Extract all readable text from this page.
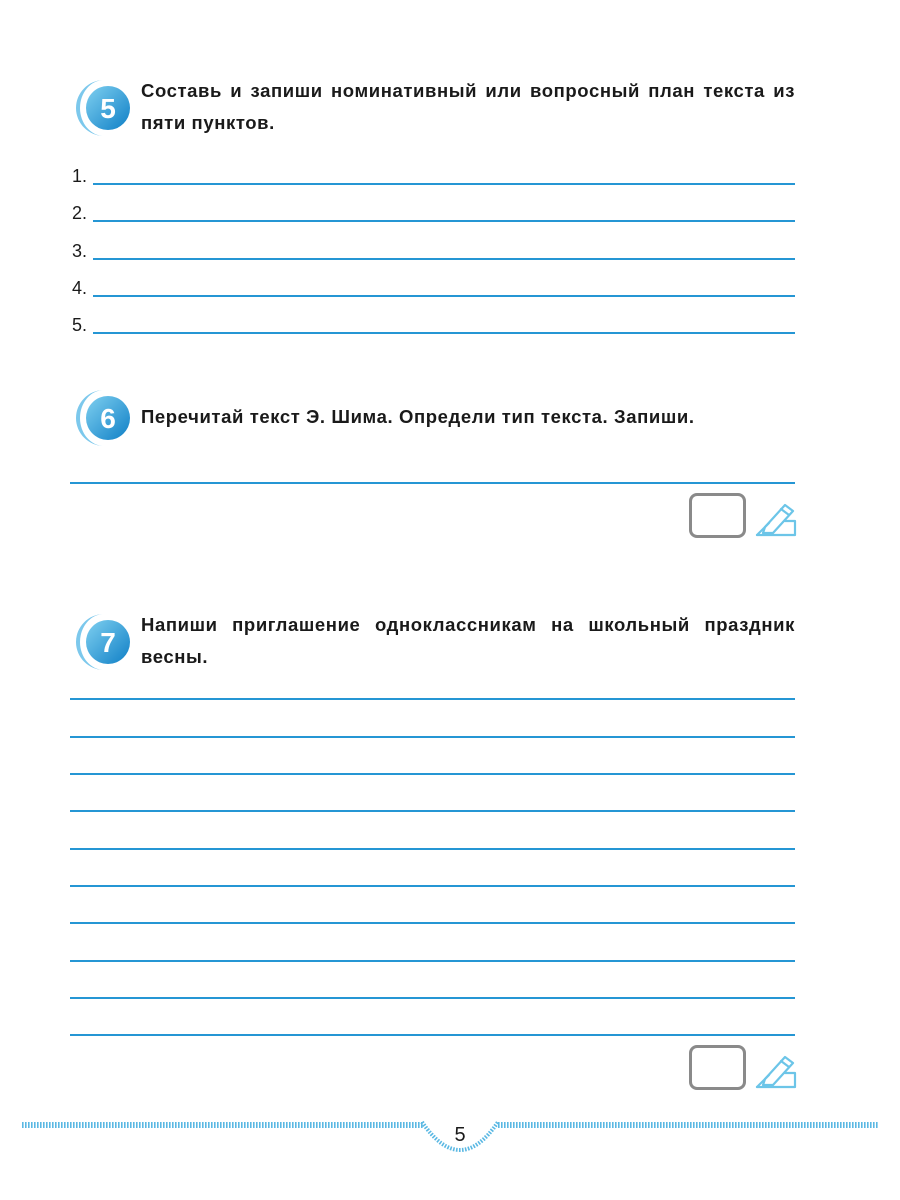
5
Составь и запиши номинативный или вопросный план текста из пяти пунктов.
1.
2.
3.
4.
5.
6 Перечитай текст Э. Шима. Определи тип текста. Запиши.
7
Напиши приглашение одноклассникам на школьный праздник весны.
5
